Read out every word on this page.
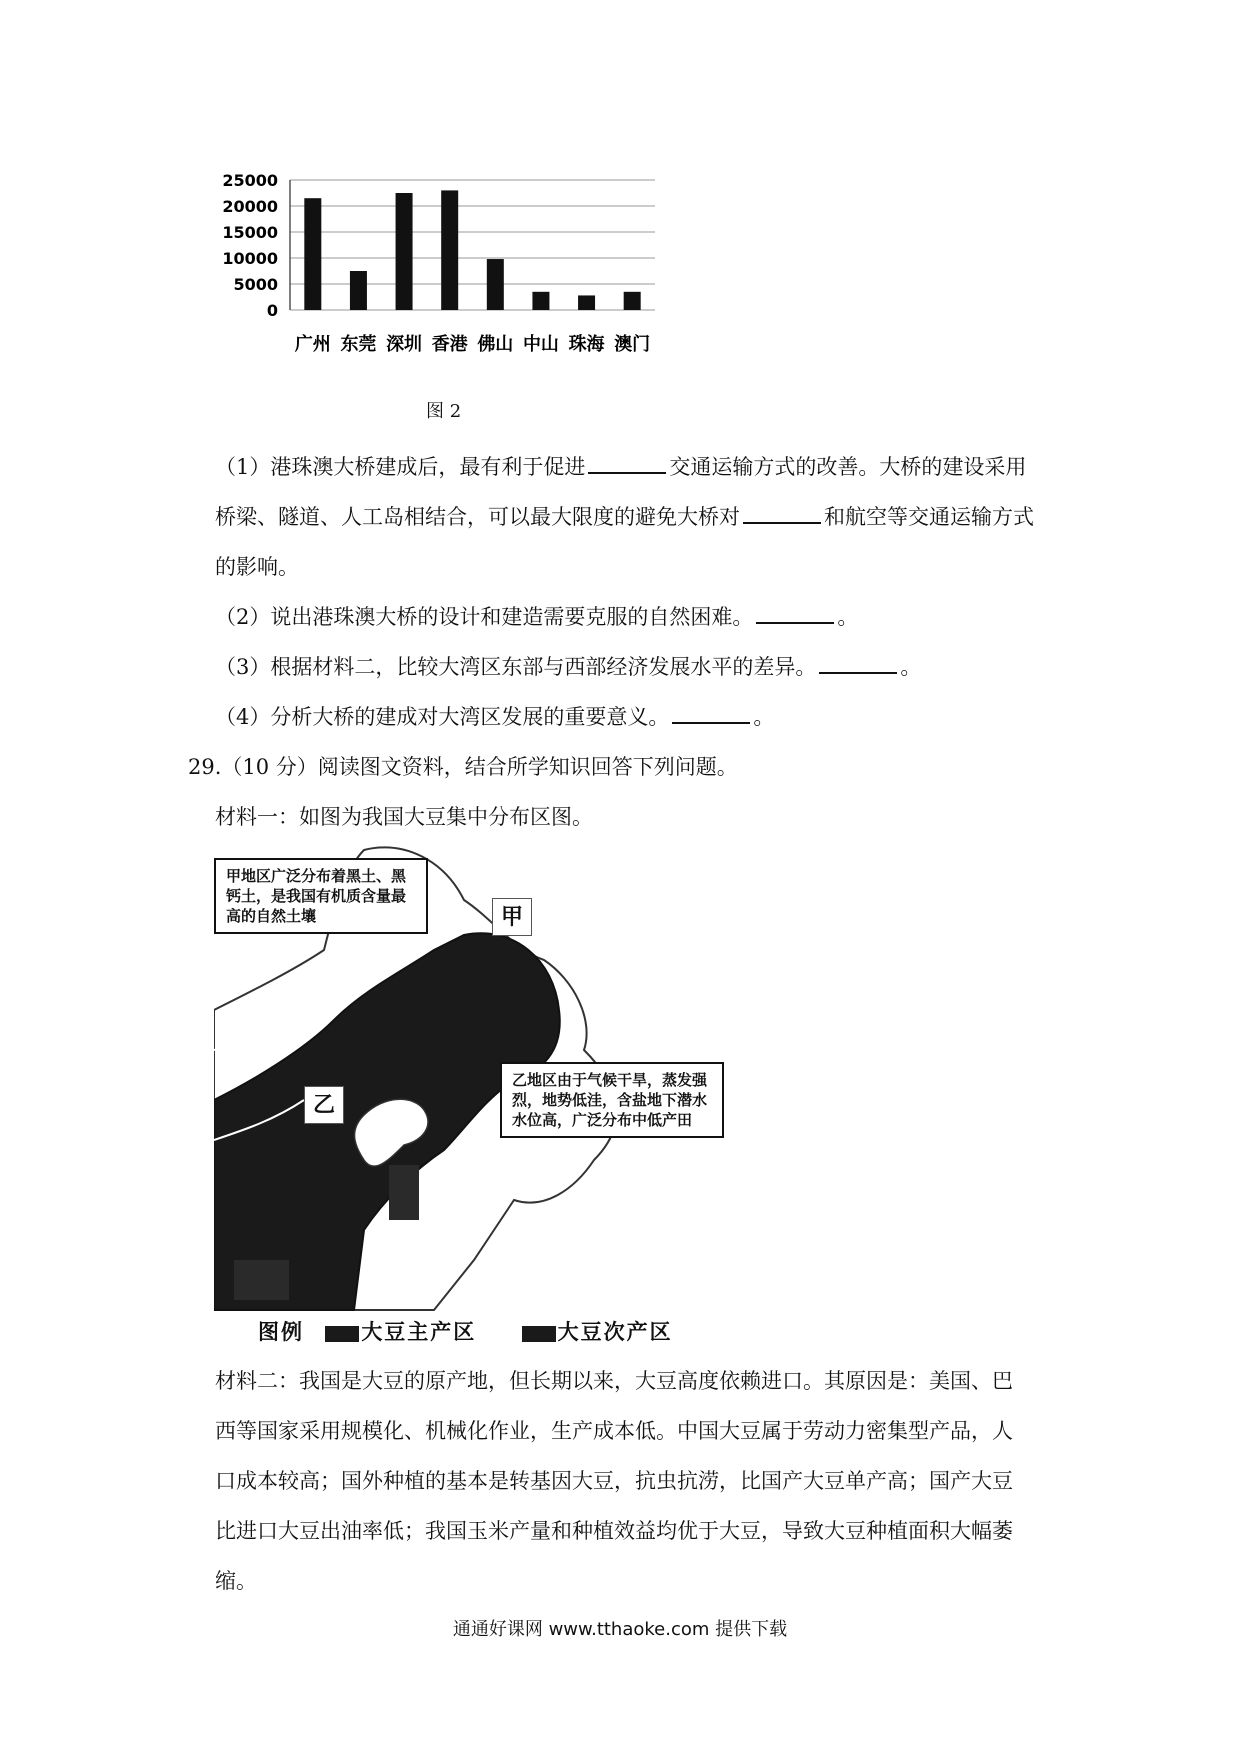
25000
20000
15000
10000
5000
0
广州 东莞 深圳 香港 佛山 中山 珠海 澳门
图 2
（1）港珠澳大桥建成后，最有利于促进	交通运输方式的改善。大桥的建设采用
桥梁、隧道、人工岛相结合，可以最大限度的避免大桥对	和航空等交通运输方式
的影响。
（2）说出港珠澳大桥的设计和建造需要克服的自然困难。	。
（3）根据材料二，比较大湾区东部与西部经济发展水平的差异。	。
（4）分析大桥的建成对大湾区发展的重要意义。	。
29.（10 分）阅读图文资料，结合所学知识回答下列问题。
材料一：如图为我国大豆集中分布区图。
甲地区广泛分布着黑土、黑钙土，是我国有机质含量最高的自然土壤
乙地区由于气候干旱，蒸发强烈，地势低洼，含盐地下潜水水位高，广泛分布中低产田
甲
乙
图例	大豆主产区	大豆次产区
材料二：我国是大豆的原产地，但长期以来，大豆高度依赖进口。其原因是：美国、巴
西等国家采用规模化、机械化作业，生产成本低。中国大豆属于劳动力密集型产品，人
口成本较高；国外种植的基本是转基因大豆，抗虫抗涝，比国产大豆单产高；国产大豆
比进口大豆出油率低；我国玉米产量和种植效益均优于大豆，导致大豆种植面积大幅萎
缩。
通通好课网 www.tthaoke.com 提供下载
